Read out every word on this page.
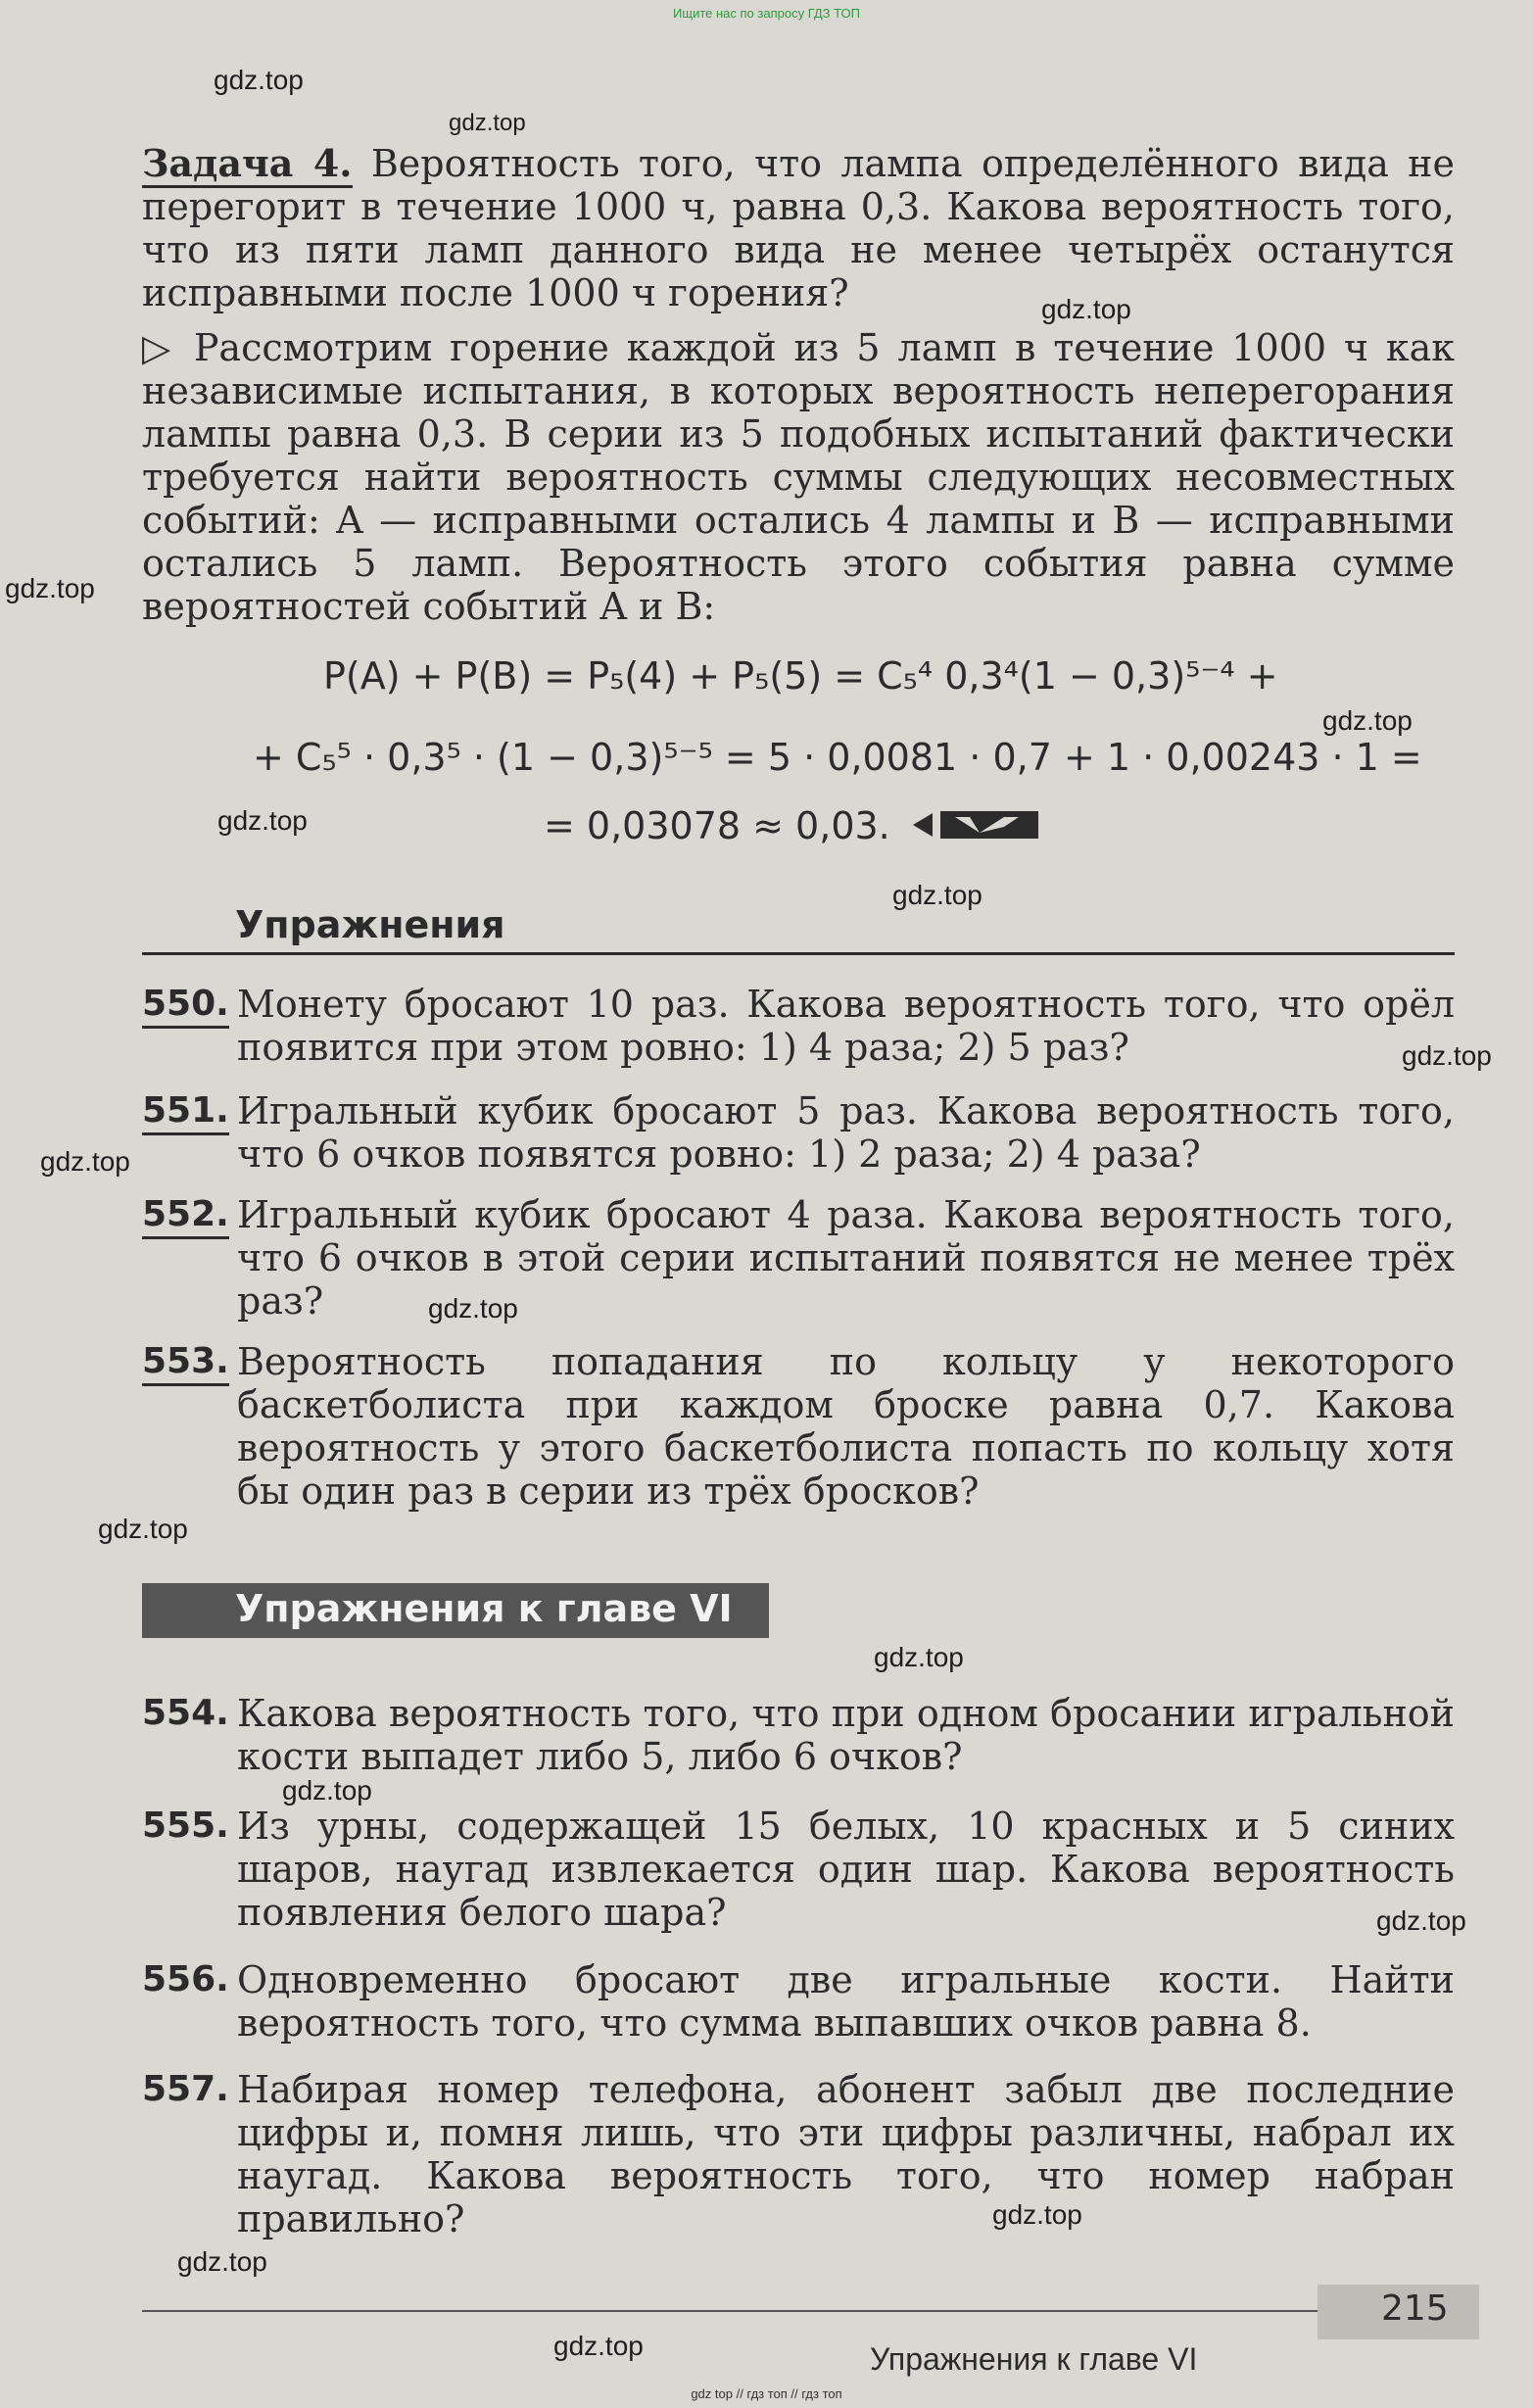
Ищите нас по запросу ГДЗ ТОП
gdz.top
gdz.top
gdz.top
gdz.top
gdz.top
gdz.top
gdz.top
gdz.top
gdz.top
gdz.top
gdz.top
gdz.top
gdz.top
gdz.top
gdz.top
gdz.top
gdz.top
Задача 4. Вероятность того, что лампа определённого вида не перегорит в течение 1000 ч, равна 0,3. Какова вероятность того, что из пяти ламп данного вида не менее четырёх останутся исправными после 1000 ч горения?
▷ Рассмотрим горение каждой из 5 ламп в течение 1000 ч как независимые испытания, в которых вероятность неперегорания лампы равна 0,3. В серии из 5 подобных испытаний фактически требуется найти вероятность суммы следующих несовместных событий: A — исправными остались 4 лампы и B — исправными остались 5 ламп. Вероятность этого события равна сумме вероятностей событий A и B:
P(A) + P(B) = P₅(4) + P₅(5) = C₅⁴ 0,3⁴(1 − 0,3)⁵⁻⁴ +
+ C₅⁵ · 0,3⁵ · (1 − 0,3)⁵⁻⁵ = 5 · 0,0081 · 0,7 + 1 · 0,00243 · 1 =
= 0,03078 ≈ 0,03.
Упражнения
550. Монету бросают 10 раз. Какова вероятность того, что орёл появится при этом ровно: 1) 4 раза; 2) 5 раз?
551. Игральный кубик бросают 5 раз. Какова вероятность того, что 6 очков появятся ровно: 1) 2 раза; 2) 4 раза?
552. Игральный кубик бросают 4 раза. Какова вероятность того, что 6 очков в этой серии испытаний появятся не менее трёх раз?
553. Вероятность попадания по кольцу у некоторого баскетболиста при каждом броске равна 0,7. Какова вероятность у этого баскетболиста попасть по кольцу хотя бы один раз в серии из трёх бросков?
Упражнения к главе VI
554. Какова вероятность того, что при одном бросании игральной кости выпадет либо 5, либо 6 очков?
555. Из урны, содержащей 15 белых, 10 красных и 5 синих шаров, наугад извлекается один шар. Какова вероятность появления белого шара?
556. Одновременно бросают две игральные кости. Найти вероятность того, что сумма выпавших очков равна 8.
557. Набирая номер телефона, абонент забыл две последние цифры и, помня лишь, что эти цифры различны, набрал их наугад. Какова вероятность того, что номер набран правильно?
215
Упражнения к главе VI
gdz top // гдз топ // гдз топ
